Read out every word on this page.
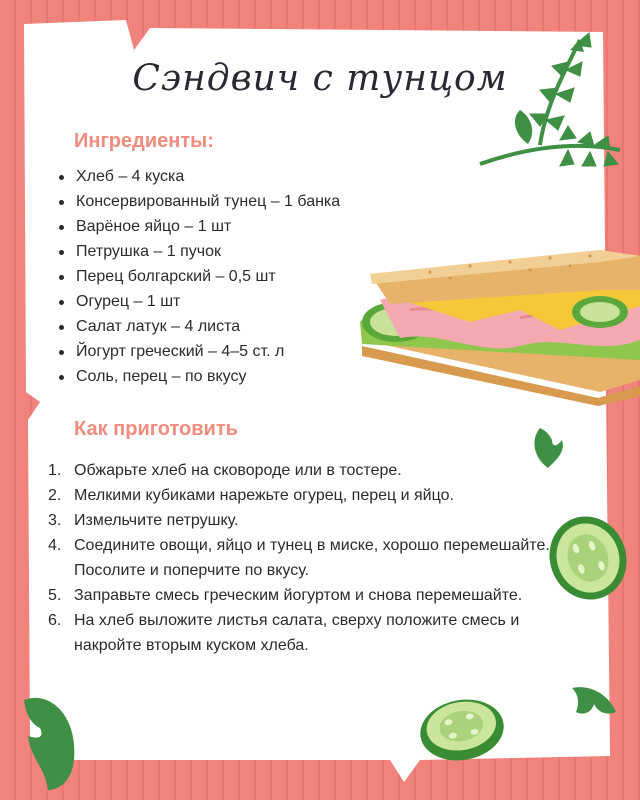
Сэндвич с тунцом
Ингредиенты:
Хлеб – 4 куска
Консервированный тунец – 1 банка
Варёное яйцо – 1 шт
Петрушка – 1 пучок
Перец болгарский – 0,5 шт
Огурец – 1 шт
Салат латук – 4 листа
Йогурт греческий – 4–5 ст. л
Соль, перец – по вкусу
Как приготовить
1. Обжарьте хлеб на сковороде или в тостере.
2. Мелкими кубиками нарежьте огурец, перец и яйцо.
3. Измельчите петрушку.
4. Соедините овощи, яйцо и тунец в миске, хорошо перемешайте. Посолите и поперчите по вкусу.
5. Заправьте смесь греческим йогуртом и снова перемешайте.
6. На хлеб выложите листья салата, сверху положите смесь и накройте вторым куском хлеба.
